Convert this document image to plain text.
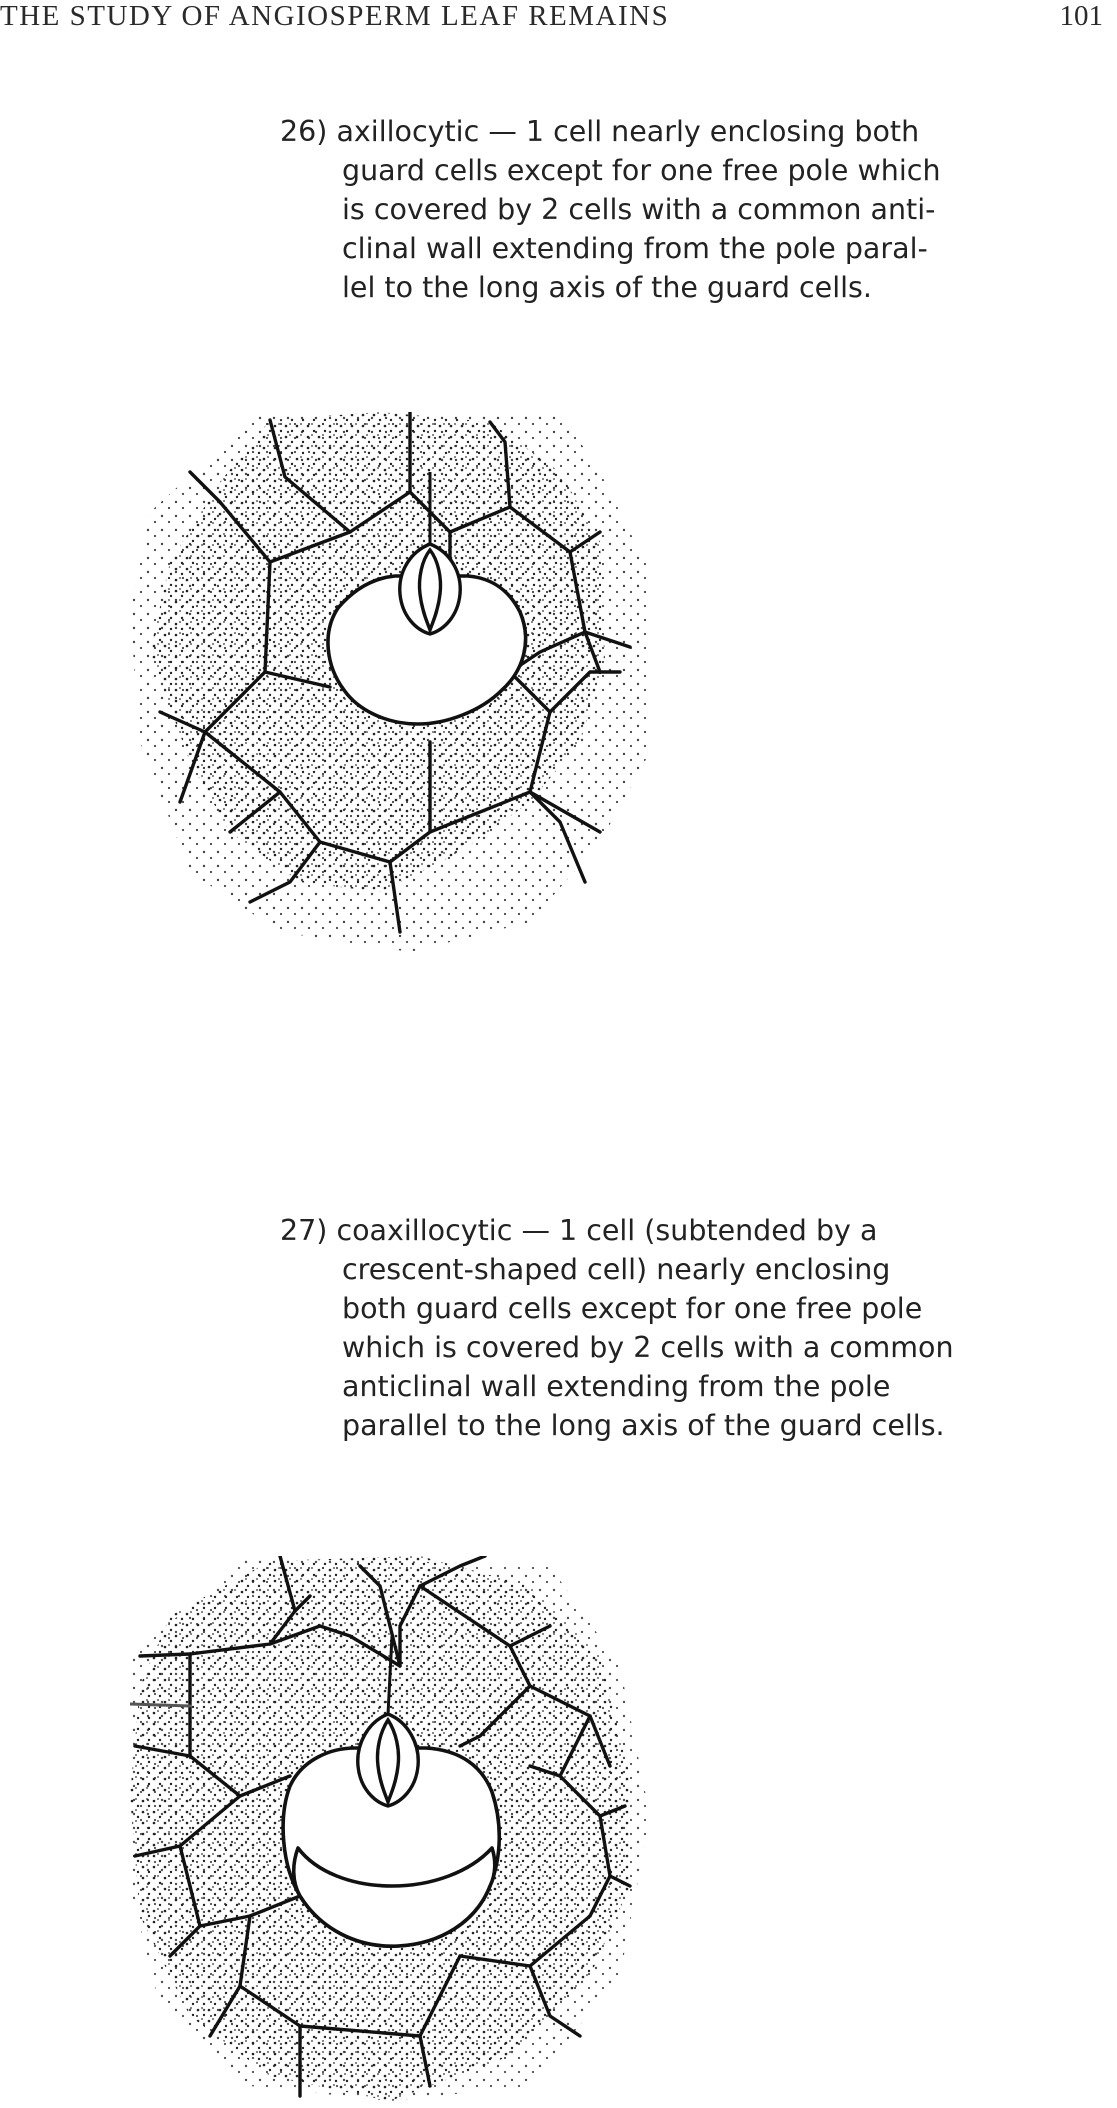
THE STUDY OF ANGIOSPERM LEAF REMAINS	101
26) axillocytic — 1 cell nearly enclosing both
guard cells except for one free pole which
is covered by 2 cells with a common anti-
clinal wall extending from the pole paral-
lel to the long axis of the guard cells.
27) coaxillocytic — 1 cell (subtended by a
crescent-shaped cell) nearly enclosing
both guard cells except for one free pole
which is covered by 2 cells with a common
anticlinal wall extending from the pole
parallel to the long axis of the guard cells.
